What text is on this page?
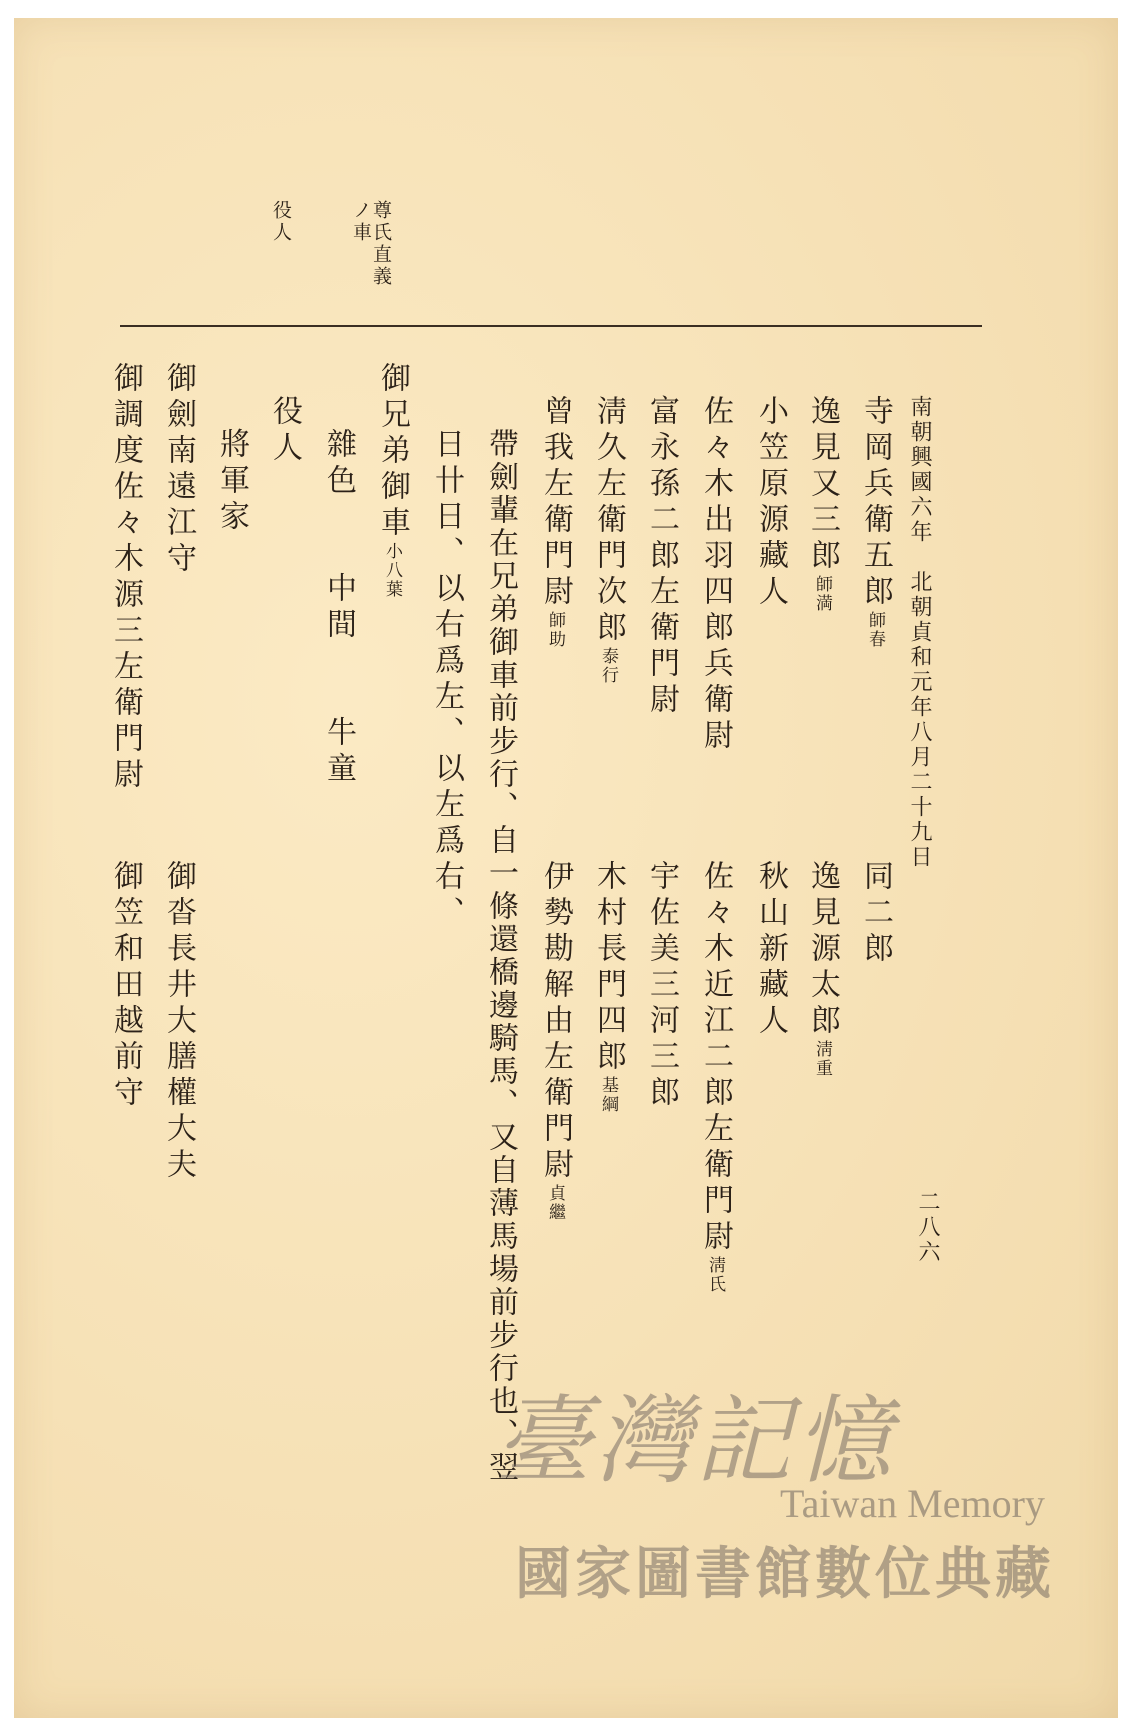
南朝興國六年　北朝貞和元年八月二十九日
二八六
尊氏直義
ノ車
役人
寺岡兵衛五郎師春
逸見又三郎師満
小笠原源藏人
佐々木出羽四郎兵衛尉
富永孫二郎左衛門尉
淸久左衛門次郎泰行
曾我左衛門尉師助
帶劍輩在兄弟御車前步行、自一條還橋邊騎馬、又自薄馬場前步行也、翌
日卄日、以右爲左、以左爲右、
御兄弟御車小八葉
雜色　　中間　　牛童
役人
將軍家
御劍南遠江守
御調度佐々木源三左衛門尉
同二郎
逸見源太郎淸重
秋山新藏人
佐々木近江二郎左衛門尉淸氏
宇佐美三河三郎
木村長門四郎基綱
伊勢勘解由左衛門尉貞繼
御沓長井大膳權大夫
御笠和田越前守
臺灣記憶
Taiwan Memory
國家圖書館數位典藏
